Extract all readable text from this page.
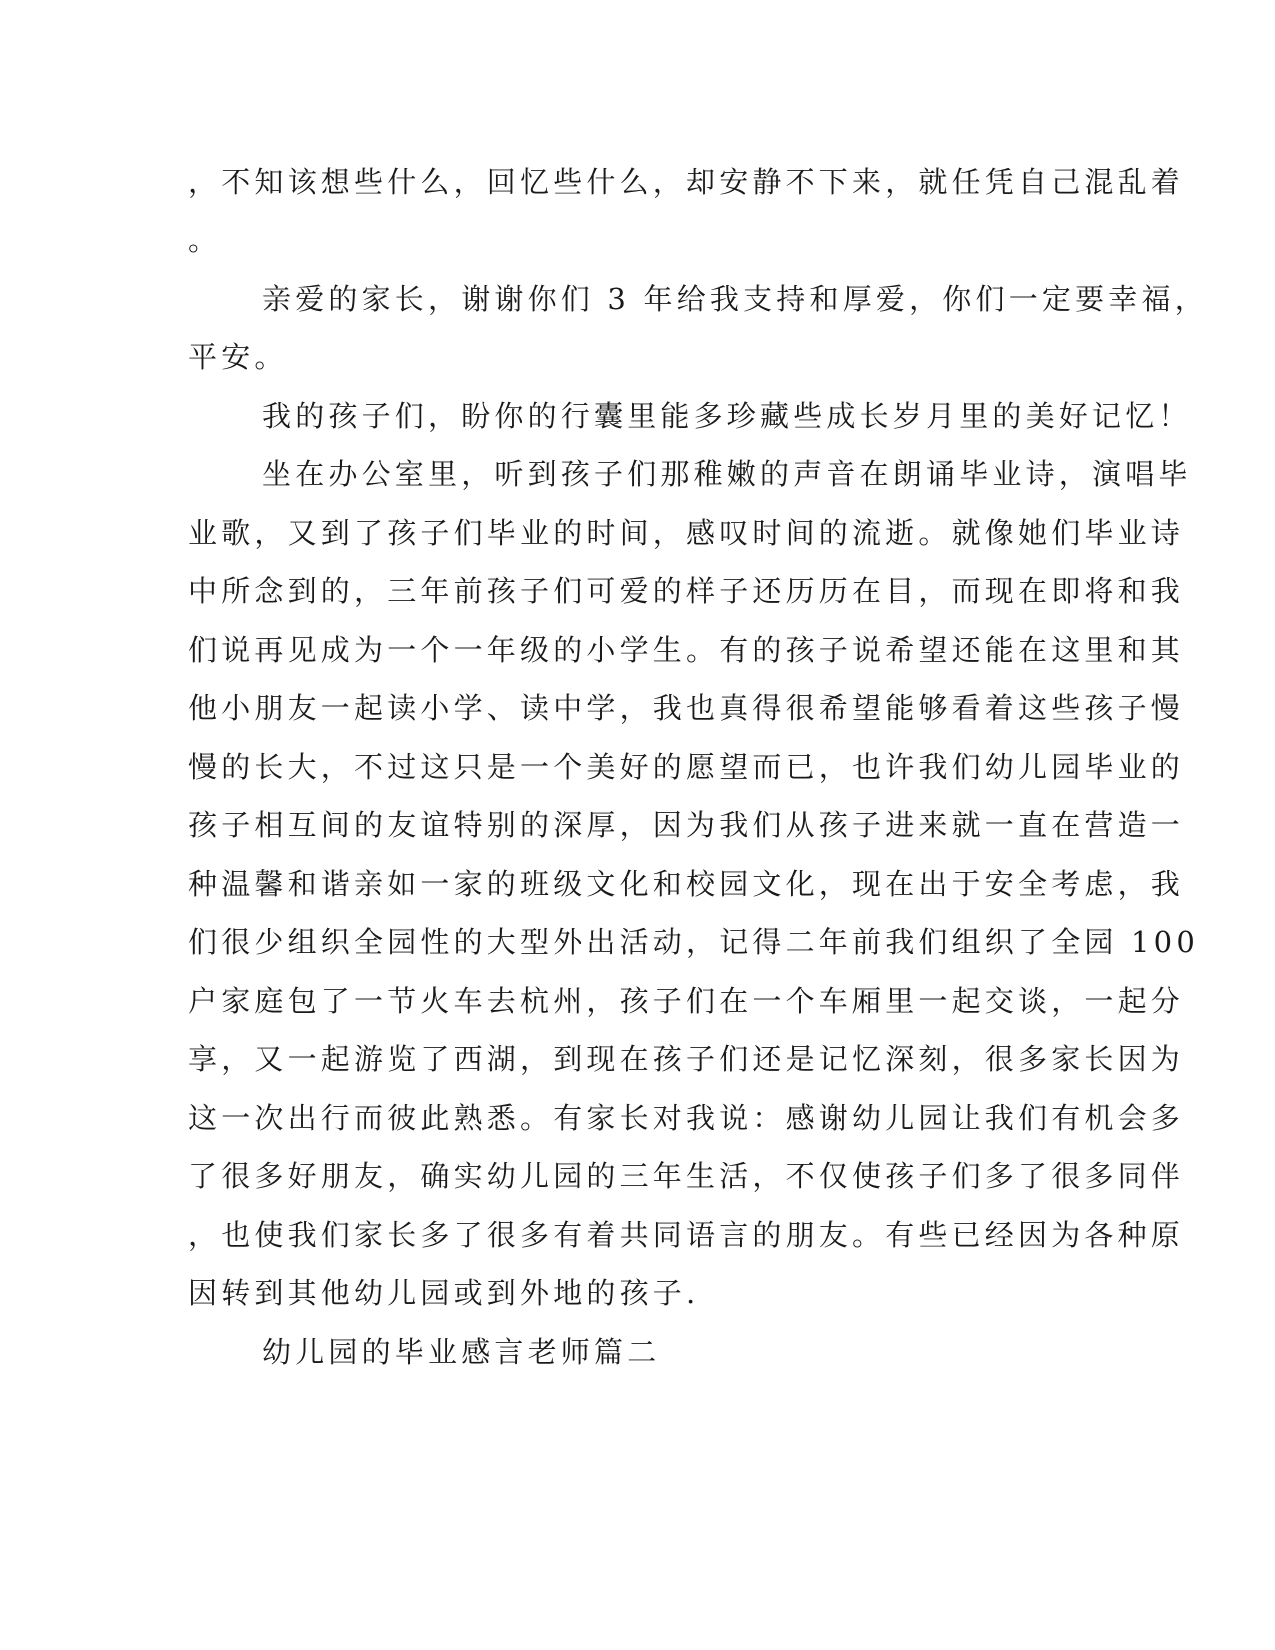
，不知该想些什么，回忆些什么，却安静不下来，就任凭自己混乱着
。
亲爱的家长，谢谢你们 3 年给我支持和厚爱，你们一定要幸福，
平安。
我的孩子们，盼你的行囊里能多珍藏些成长岁月里的美好记忆！
坐在办公室里，听到孩子们那稚嫩的声音在朗诵毕业诗，演唱毕
业歌，又到了孩子们毕业的时间，感叹时间的流逝。就像她们毕业诗
中所念到的，三年前孩子们可爱的样子还历历在目，而现在即将和我
们说再见成为一个一年级的小学生。有的孩子说希望还能在这里和其
他小朋友一起读小学、读中学，我也真得很希望能够看着这些孩子慢
慢的长大，不过这只是一个美好的愿望而已，也许我们幼儿园毕业的
孩子相互间的友谊特别的深厚，因为我们从孩子进来就一直在营造一
种温馨和谐亲如一家的班级文化和校园文化，现在出于安全考虑，我
们很少组织全园性的大型外出活动，记得二年前我们组织了全园 100
户家庭包了一节火车去杭州，孩子们在一个车厢里一起交谈，一起分
享，又一起游览了西湖，到现在孩子们还是记忆深刻，很多家长因为
这一次出行而彼此熟悉。有家长对我说：感谢幼儿园让我们有机会多
了很多好朋友，确实幼儿园的三年生活，不仅使孩子们多了很多同伴
，也使我们家长多了很多有着共同语言的朋友。有些已经因为各种原
因转到其他幼儿园或到外地的孩子.
幼儿园的毕业感言老师篇二
